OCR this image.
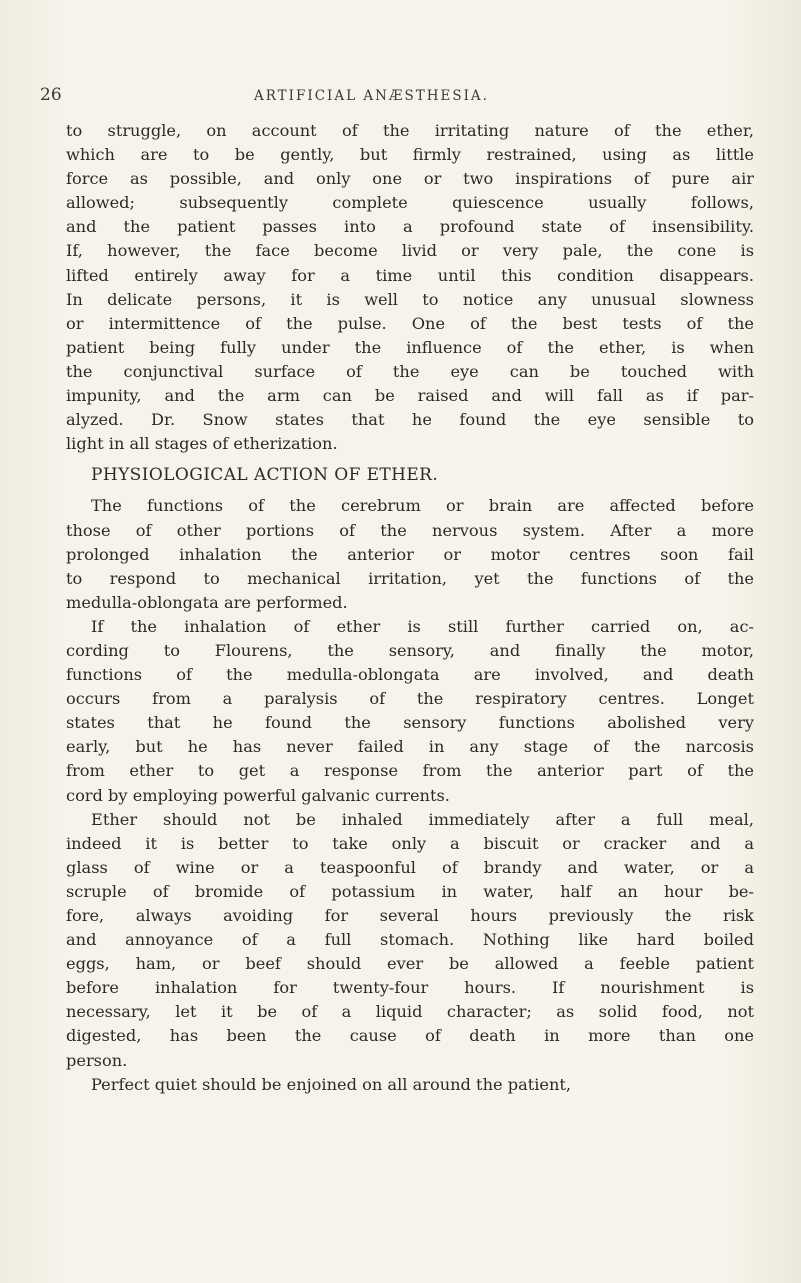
26	ARTIFICIAL ANÆSTHESIA.
to struggle, on account of the irritating nature of the ether,
which are to be gently, but firmly restrained, using as little
force as possible, and only one or two inspirations of pure air
allowed; subsequently complete quiescence usually follows,
and the patient passes into a profound state of insensibility.
If, however, the face become livid or very pale, the cone is
lifted entirely away for a time until this condition disappears.
In delicate persons, it is well to notice any unusual slowness
or intermittence of the pulse. One of the best tests of the
patient being fully under the influence of the ether, is when
the conjunctival surface of the eye can be touched with
impunity, and the arm can be raised and will fall as if par-
alyzed. Dr. Snow states that he found the eye sensible to
light in all stages of etherization.
PHYSIOLOGICAL ACTION OF ETHER.
The functions of the cerebrum or brain are affected before
those of other portions of the nervous system. After a more
prolonged inhalation the anterior or motor centres soon fail
to respond to mechanical irritation, yet the functions of the
medulla-oblongata are performed.
If the inhalation of ether is still further carried on, ac-
cording to Flourens, the sensory, and finally the motor,
functions of the medulla-oblongata are involved, and death
occurs from a paralysis of the respiratory centres. Longet
states that he found the sensory functions abolished very
early, but he has never failed in any stage of the narcosis
from ether to get a response from the anterior part of the
cord by employing powerful galvanic currents.
Ether should not be inhaled immediately after a full meal,
indeed it is better to take only a biscuit or cracker and a
glass of wine or a teaspoonful of brandy and water, or a
scruple of bromide of potassium in water, half an hour be-
fore, always avoiding for several hours previously the risk
and annoyance of a full stomach. Nothing like hard boiled
eggs, ham, or beef should ever be allowed a feeble patient
before inhalation for twenty-four hours. If nourishment is
necessary, let it be of a liquid character; as solid food, not
digested, has been the cause of death in more than one
person.
Perfect quiet should be enjoined on all around the patient,
